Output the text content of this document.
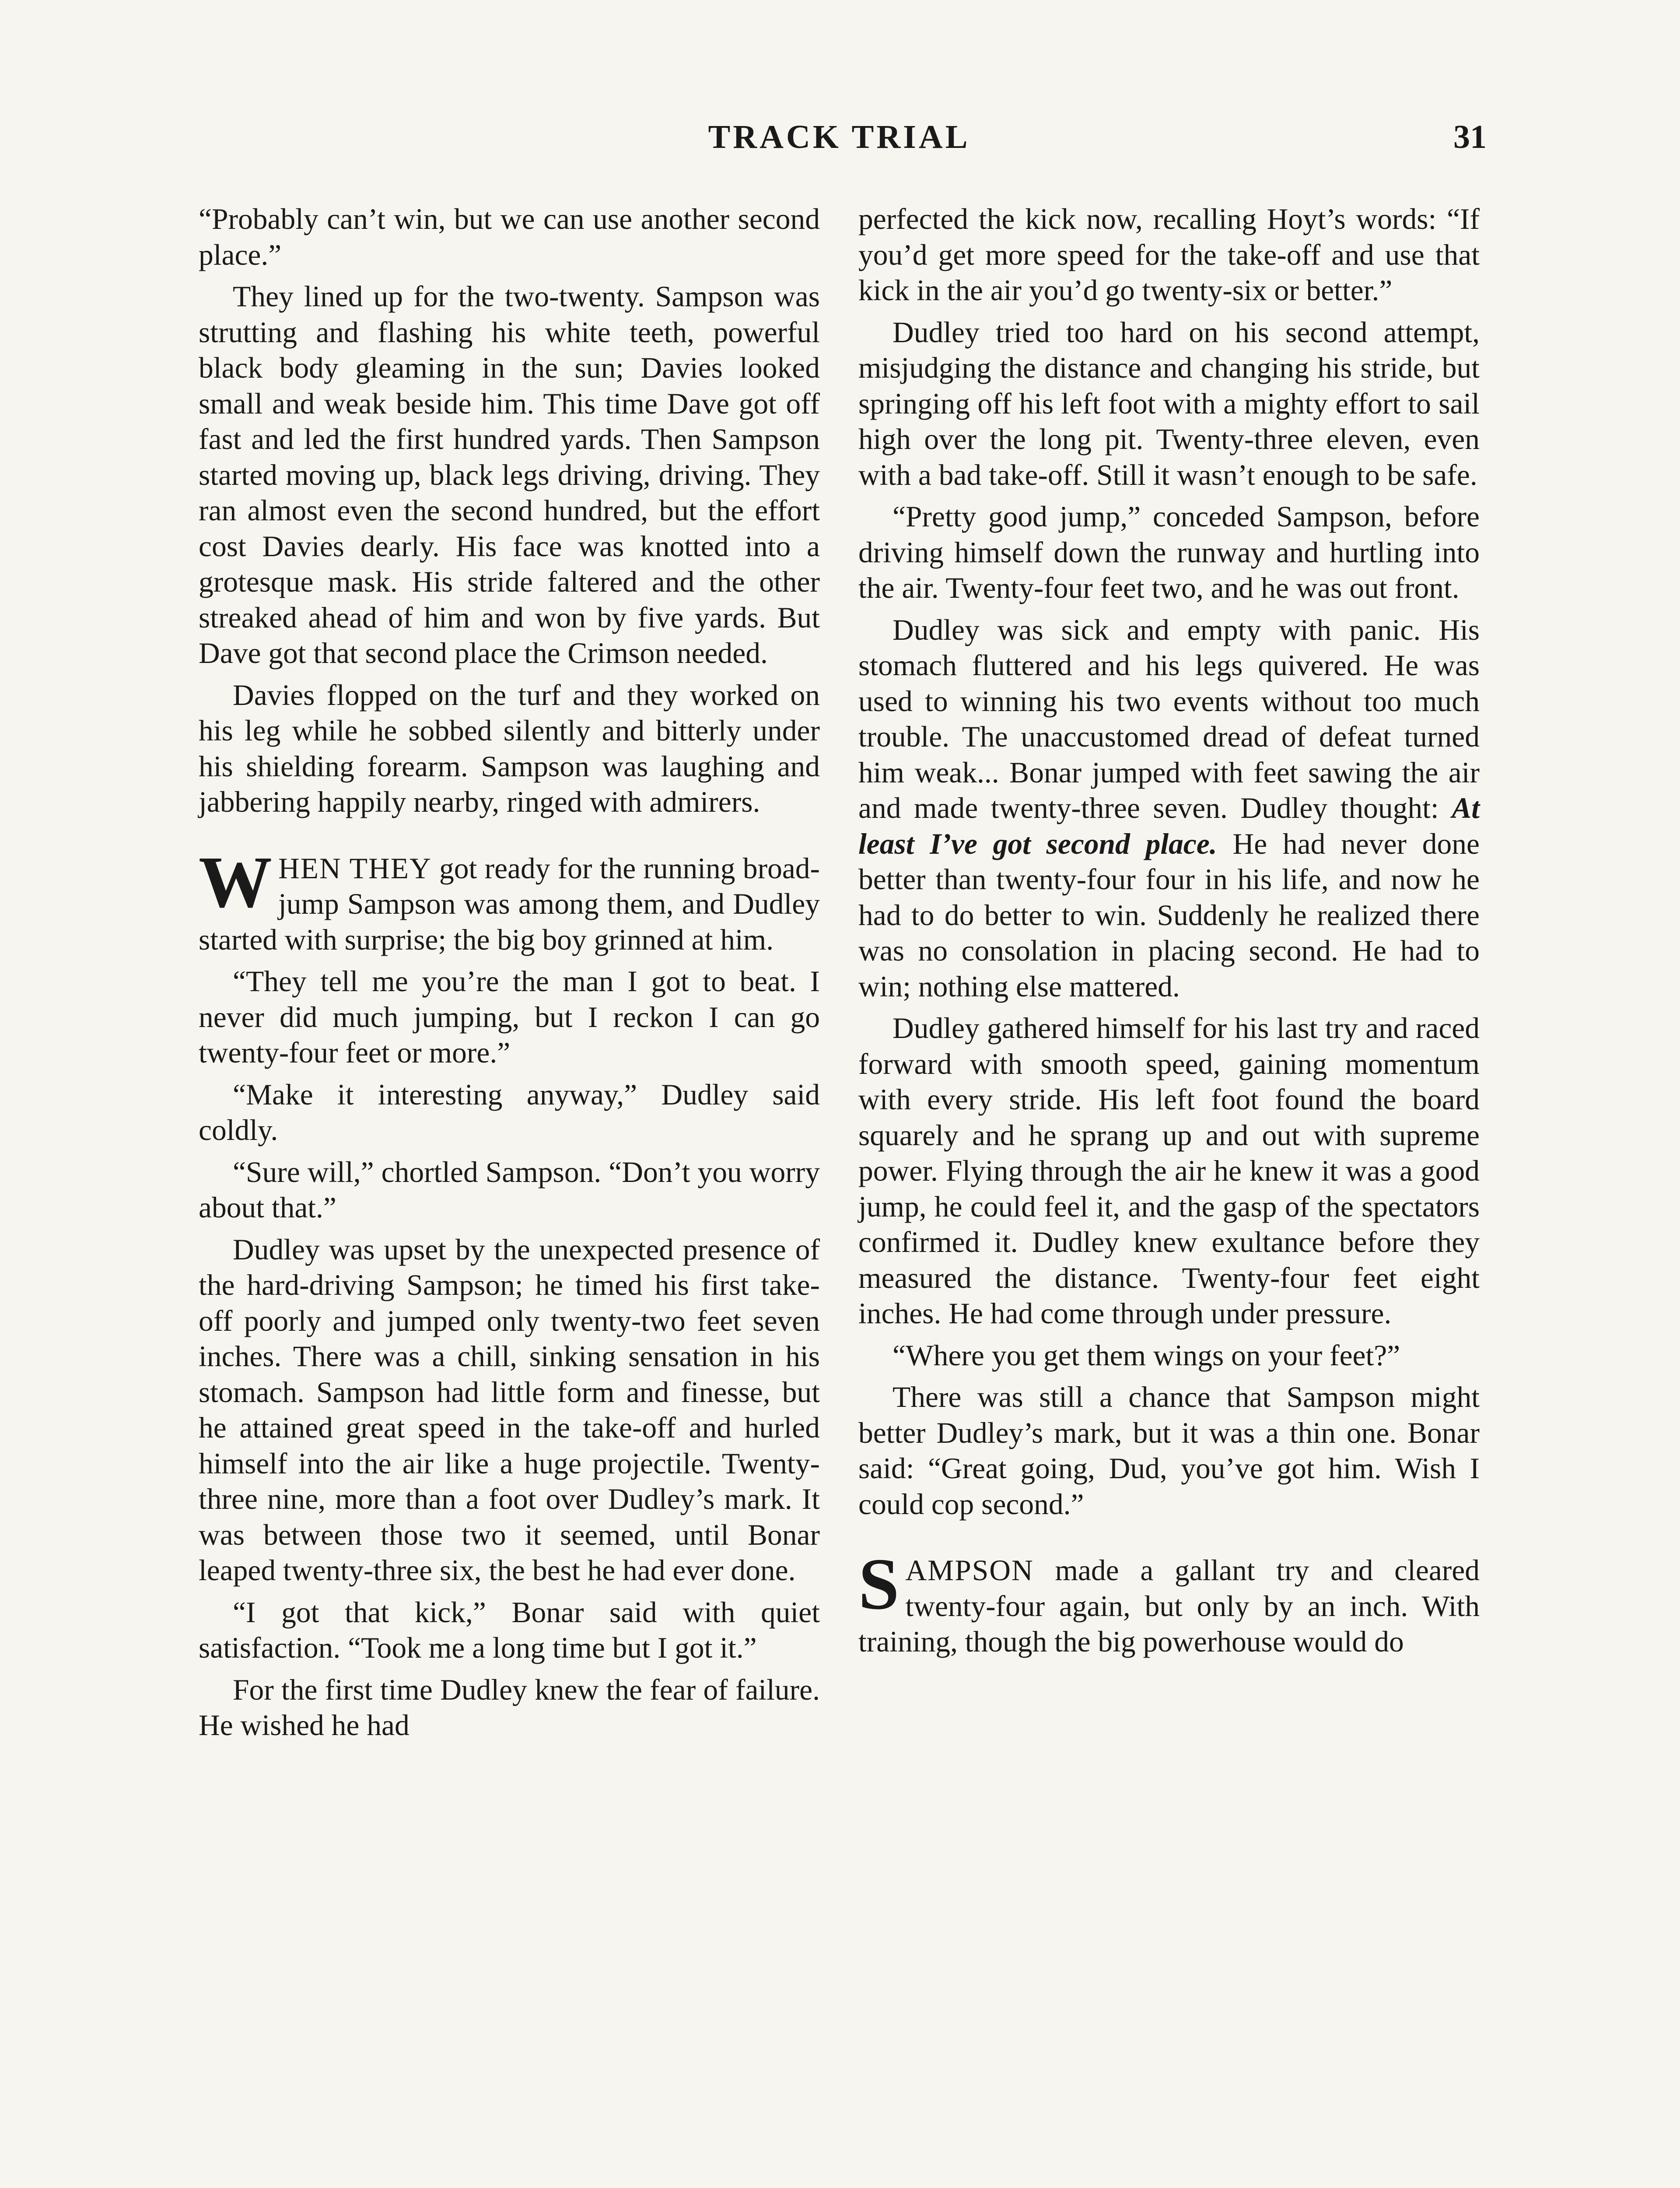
TRACK TRIAL	31

“Probably can’t win, but we can use another second place.”

They lined up for the two-twenty. Sampson was strutting and flashing his white teeth, powerful black body gleaming in the sun; Davies looked small and weak beside him. This time Dave got off fast and led the first hundred yards. Then Sampson started moving up, black legs driving, driving. They ran almost even the second hundred, but the effort cost Davies dearly. His face was knotted into a grotesque mask. His stride faltered and the other streaked ahead of him and won by five yards. But Dave got that second place the Crimson needed.

Davies flopped on the turf and they worked on his leg while he sobbed silently and bitterly under his shielding forearm. Sampson was laughing and jabbering happily nearby, ringed with admirers.

WHEN THEY got ready for the running broad-jump Sampson was among them, and Dudley started with surprise; the big boy grinned at him.

“They tell me you’re the man I got to beat. I never did much jumping, but I reckon I can go twenty-four feet or more.”

“Make it interesting anyway,” Dudley said coldly.

“Sure will,” chortled Sampson. “Don’t you worry about that.”

Dudley was upset by the unexpected presence of the hard-driving Sampson; he timed his first take-off poorly and jumped only twenty-two feet seven inches. There was a chill, sinking sensation in his stomach. Sampson had little form and finesse, but he attained great speed in the take-off and hurled himself into the air like a huge projectile. Twenty-three nine, more than a foot over Dudley’s mark. It was between those two it seemed, until Bonar leaped twenty-three six, the best he had ever done.

“I got that kick,” Bonar said with quiet satisfaction. “Took me a long time but I got it.”

For the first time Dudley knew the fear of failure. He wished he had

perfected the kick now, recalling Hoyt’s words: “If you’d get more speed for the take-off and use that kick in the air you’d go twenty-six or better.”

Dudley tried too hard on his second attempt, misjudging the distance and changing his stride, but springing off his left foot with a mighty effort to sail high over the long pit. Twenty-three eleven, even with a bad take-off. Still it wasn’t enough to be safe.

“Pretty good jump,” conceded Sampson, before driving himself down the runway and hurtling into the air. Twenty-four feet two, and he was out front.

Dudley was sick and empty with panic. His stomach fluttered and his legs quivered. He was used to winning his two events without too much trouble. The unaccustomed dread of defeat turned him weak... Bonar jumped with feet sawing the air and made twenty-three seven. Dudley thought: At least I’ve got second place. He had never done better than twenty-four four in his life, and now he had to do better to win. Suddenly he realized there was no consolation in placing second. He had to win; nothing else mattered.

Dudley gathered himself for his last try and raced forward with smooth speed, gaining momentum with every stride. His left foot found the board squarely and he sprang up and out with supreme power. Flying through the air he knew it was a good jump, he could feel it, and the gasp of the spectators confirmed it. Dudley knew exultance before they measured the distance. Twenty-four feet eight inches. He had come through under pressure.

“Where you get them wings on your feet?”

There was still a chance that Sampson might better Dudley’s mark, but it was a thin one. Bonar said: “Great going, Dud, you’ve got him. Wish I could cop second.”

SAMPSON made a gallant try and cleared twenty-four again, but only by an inch. With training, though the big powerhouse would do
